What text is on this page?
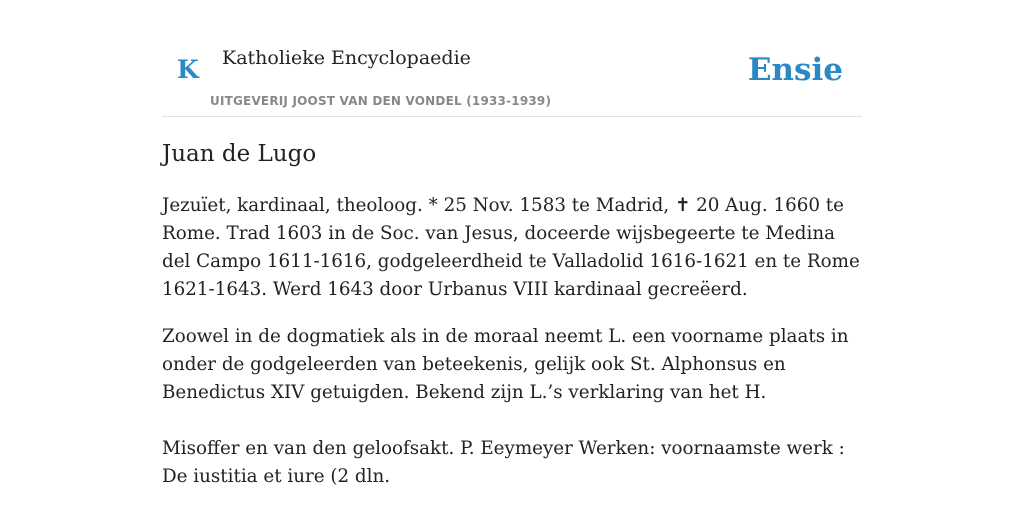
K Katholieke Encyclopaedie
UITGEVERIJ JOOST VAN DEN VONDEL (1933-1939)
Ensie
Juan de Lugo

Jezuïet, kardinaal, theoloog. * 25 Nov. 1583 te Madrid, ✝ 20 Aug. 1660 te Rome. Trad 1603 in de Soc. van Jesus, doceerde wijsbegeerte te Medina del Campo 1611-1616, godgeleerdheid te Valladolid 1616-1621 en te Rome 1621-1643. Werd 1643 door Urbanus VIII kardinaal gecreëerd.

Zoowel in de dogmatiek als in de moraal neemt L. een voorname plaats in onder de godgeleerden van beteekenis, gelijk ook St. Alphonsus en Benedictus XIV getuigden. Bekend zijn L.’s verklaring van het H.

Misoffer en van den geloofsakt. P. Eeymeyer Werken: voornaamste werk : De iustitia et iure (2 dln.
